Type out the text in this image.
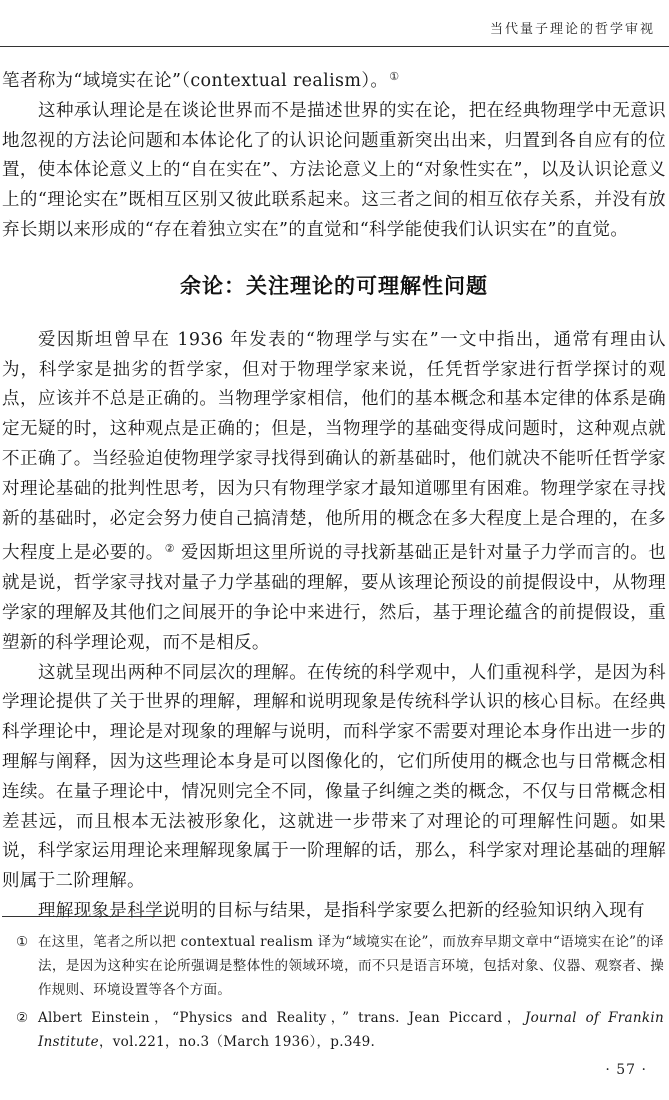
当代量子理论的哲学审视

笔者称为“域境实在论”（contextual realism）。①

这种承认理论是在谈论世界而不是描述世界的实在论，把在经典物理学中无意识地忽视的方法论问题和本体论化了的认识论问题重新突出出来，归置到各自应有的位置，使本体论意义上的“自在实在”、方法论意义上的“对象性实在”，以及认识论意义上的“理论实在”既相互区别又彼此联系起来。这三者之间的相互依存关系，并没有放弃长期以来形成的“存在着独立实在”的直觉和“科学能使我们认识实在”的直觉。

余论：关注理论的可理解性问题

爱因斯坦曾早在 1936 年发表的“物理学与实在”一文中指出，通常有理由认为，科学家是拙劣的哲学家，但对于物理学家来说，任凭哲学家进行哲学探讨的观点，应该并不总是正确的。当物理学家相信，他们的基本概念和基本定律的体系是确定无疑的时，这种观点是正确的；但是，当物理学的基础变得成问题时，这种观点就不正确了。当经验迫使物理学家寻找得到确认的新基础时，他们就决不能听任哲学家对理论基础的批判性思考，因为只有物理学家才最知道哪里有困难。物理学家在寻找新的基础时，必定会努力使自己搞清楚，他所用的概念在多大程度上是合理的，在多大程度上是必要的。② 爱因斯坦这里所说的寻找新基础正是针对量子力学而言的。也就是说，哲学家寻找对量子力学基础的理解，要从该理论预设的前提假设中，从物理学家的理解及其他们之间展开的争论中来进行，然后，基于理论蕴含的前提假设，重塑新的科学理论观，而不是相反。

这就呈现出两种不同层次的理解。在传统的科学观中，人们重视科学，是因为科学理论提供了关于世界的理解，理解和说明现象是传统科学认识的核心目标。在经典科学理论中，理论是对现象的理解与说明，而科学家不需要对理论本身作出进一步的理解与阐释，因为这些理论本身是可以图像化的，它们所使用的概念也与日常概念相连续。在量子理论中，情况则完全不同，像量子纠缠之类的概念，不仅与日常概念相差甚远，而且根本无法被形象化，这就进一步带来了对理论的可理解性问题。如果说，科学家运用理论来理解现象属于一阶理解的话，那么，科学家对理论基础的理解则属于二阶理解。

理解现象是科学说明的目标与结果，是指科学家要么把新的经验知识纳入现有

① 在这里，笔者之所以把 contextual realism 译为“域境实在论”，而放弃早期文章中“语境实在论”的译法，是因为这种实在论所强调是整体性的领域环境，而不只是语言环境，包括对象、仪器、观察者、操作规则、环境设置等各个方面。
② Albert Einstein，“Physics and Reality，” trans. Jean Piccard，Journal of Frankin Institute，vol.221，no.3（March 1936），p.349.
· 57 ·
